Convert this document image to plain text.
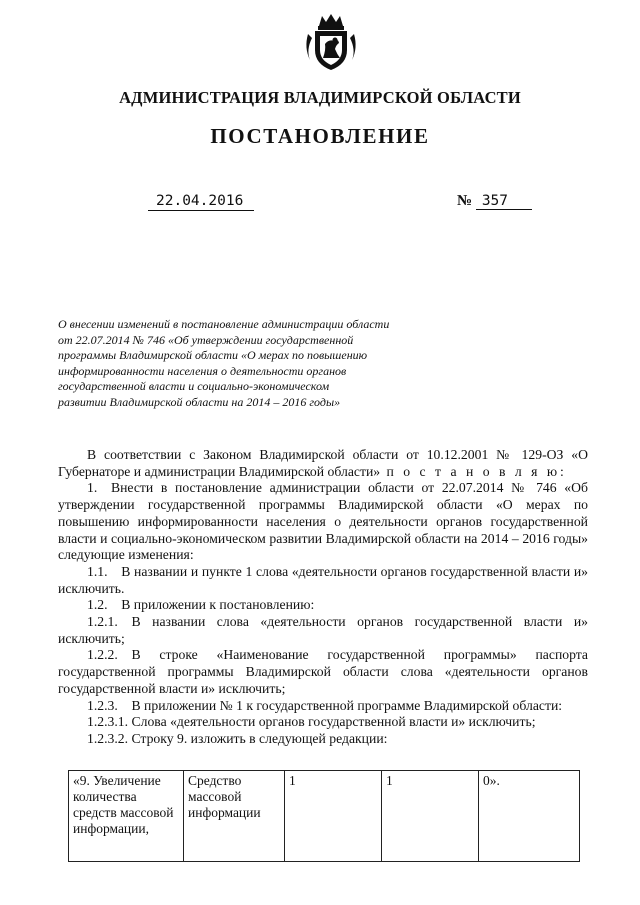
АДМИНИСТРАЦИЯ ВЛАДИМИРСКОЙ ОБЛАСТИ
ПОСТАНОВЛЕНИЕ
22.04.2016	№ 357
О внесении изменений в постановление администрации области
от 22.07.2014 № 746 «Об утверждении государственной
программы Владимирской области «О мерах по повышению
информированности населения о деятельности органов
государственной власти и социально-экономическом
развитии Владимирской области на 2014 – 2016 годы»

В соответствии с Законом Владимирской области от 10.12.2001 № 129-ОЗ «О Губернаторе и администрации Владимирской области» п о с т а н о в л я ю:

1. Внести в постановление администрации области от 22.07.2014 № 746 «Об утверждении государственной программы Владимирской области «О мерах по повышению информированности населения о деятельности органов государственной власти и социально-экономическом развитии Владимирской области на 2014 – 2016 годы» следующие изменения:

1.1. В названии и пункте 1 слова «деятельности органов государственной власти и» исключить.

1.2. В приложении к постановлению:

1.2.1. В названии слова «деятельности органов государственной власти и» исключить;

1.2.2. В строке «Наименование государственной программы» паспорта государственной программы Владимирской области слова «деятельности органов государственной власти и» исключить;

1.2.3. В приложении № 1 к государственной программе Владимирской области:

1.2.3.1. Слова «деятельности органов государственной власти и» исключить;

1.2.3.2. Строку 9. изложить в следующей редакции:

«9. Увеличение количества средств массовой информации,	Средство массовой информации	1	1	0».
